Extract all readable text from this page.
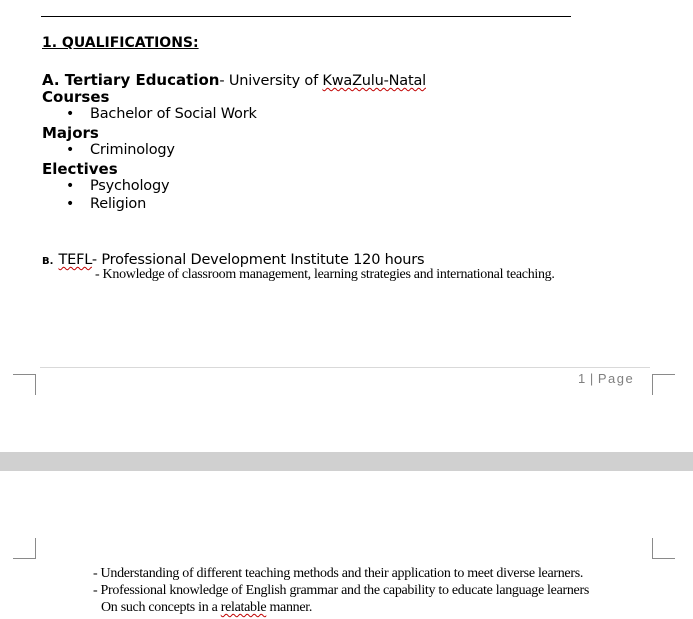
1. QUALIFICATIONS:
A. Tertiary Education- University of KwaZulu-Natal
Courses
• Bachelor of Social Work
Majors
• Criminology
Electives
• Psychology
• Religion
B. TEFL- Professional Development Institute 120 hours
- Knowledge of classroom management, learning strategies and international teaching.
1 | Page
- Understanding of different teaching methods and their application to meet diverse learners.
- Professional knowledge of English grammar and the capability to educate language learners
On such concepts in a relatable manner.
